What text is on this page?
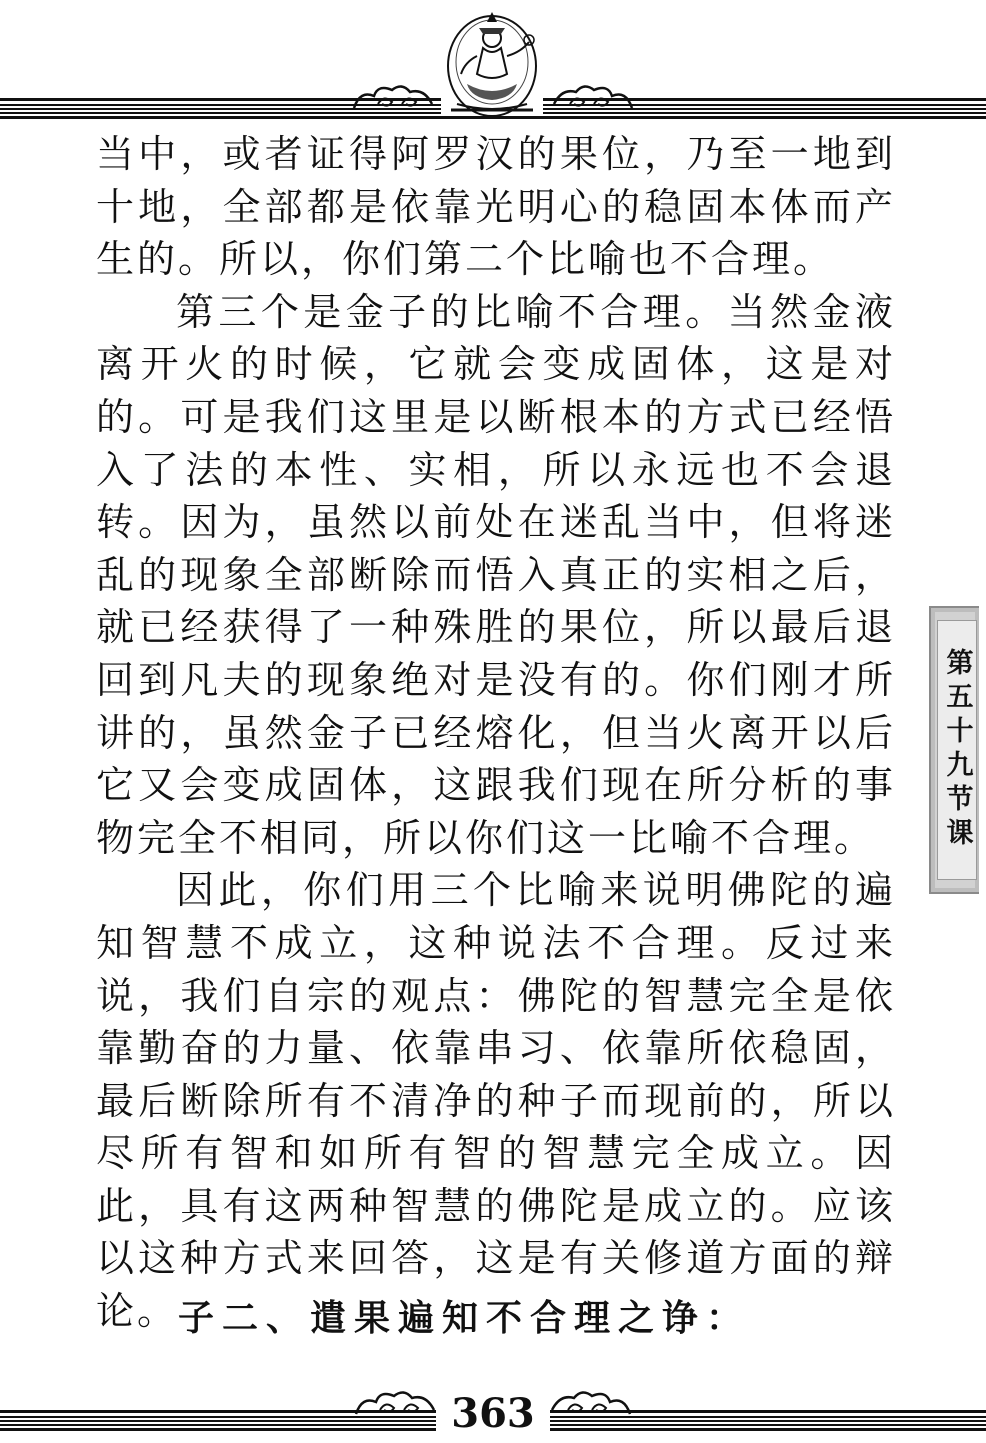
当中，或者证得阿罗汉的果位，乃至一地到十地，全部都是依靠光明心的稳固本体而产生的。所以，你们第二个比喻也不合理。

第三个是金子的比喻不合理。当然金液离开火的时候，它就会变成固体，这是对的。可是我们这里是以断根本的方式已经悟入了法的本性、实相，所以永远也不会退转。因为，虽然以前处在迷乱当中，但将迷乱的现象全部断除而悟入真正的实相之后，就已经获得了一种殊胜的果位，所以最后退回到凡夫的现象绝对是没有的。你们刚才所讲的，虽然金子已经熔化，但当火离开以后它又会变成固体，这跟我们现在所分析的事物完全不相同，所以你们这一比喻不合理。

因此，你们用三个比喻来说明佛陀的遍知智慧不成立，这种说法不合理。反过来说，我们自宗的观点：佛陀的智慧完全是依靠勤奋的力量、依靠串习、依靠所依稳固，最后断除所有不清净的种子而现前的，所以尽所有智和如所有智的智慧完全成立。因此，具有这两种智慧的佛陀是成立的。应该以这种方式来回答，这是有关修道方面的辩论。 子二、遣果遍知不合理之诤：
第五十九节课
363
